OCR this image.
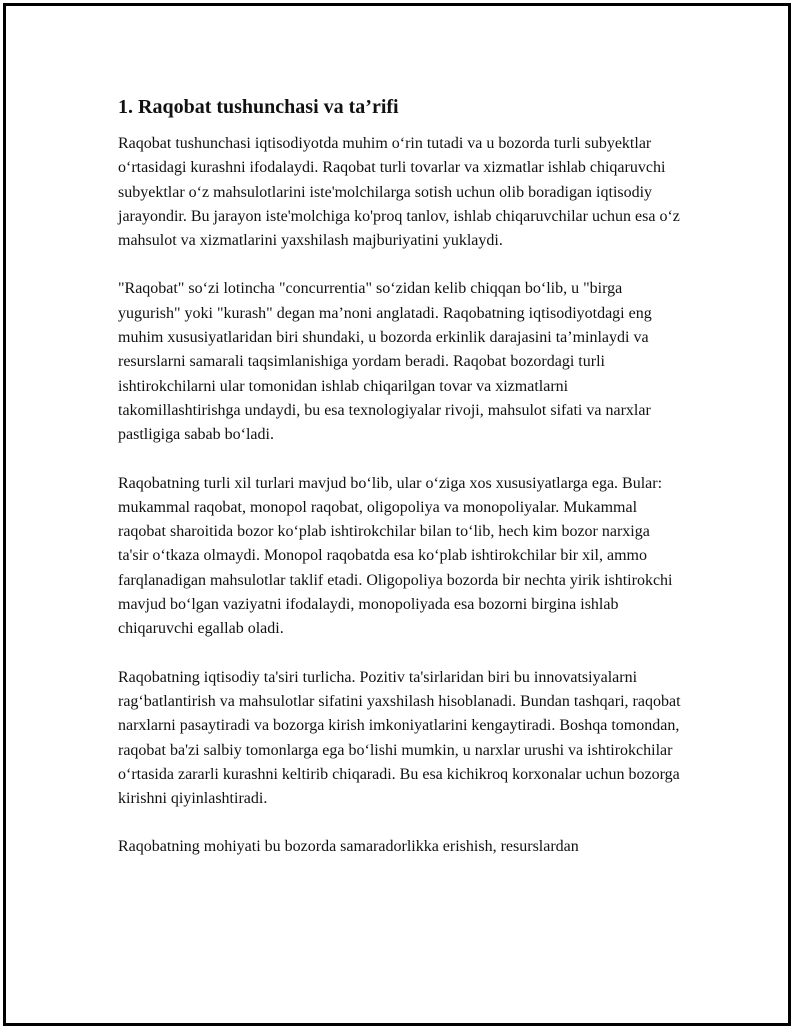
1. Raqobat tushunchasi va ta’rifi

Raqobat tushunchasi iqtisodiyotda muhim o‘rin tutadi va u bozorda turli subyektlar o‘rtasidagi kurashni ifodalaydi. Raqobat turli tovarlar va xizmatlar ishlab chiqaruvchi subyektlar o‘z mahsulotlarini iste'molchilarga sotish uchun olib boradigan iqtisodiy jarayondir. Bu jarayon iste'molchiga ko'proq tanlov, ishlab chiqaruvchilar uchun esa o‘z mahsulot va xizmatlarini yaxshilash majburiyatini yuklaydi.

"Raqobat" so‘zi lotincha "concurrentia" so‘zidan kelib chiqqan bo‘lib, u "birga yugurish" yoki "kurash" degan ma’noni anglatadi. Raqobatning iqtisodiyotdagi eng muhim xususiyatlaridan biri shundaki, u bozorda erkinlik darajasini ta’minlaydi va resurslarni samarali taqsimlanishiga yordam beradi. Raqobat bozordagi turli ishtirokchilarni ular tomonidan ishlab chiqarilgan tovar va xizmatlarni takomillashtirishga undaydi, bu esa texnologiyalar rivoji, mahsulot sifati va narxlar pastligiga sabab bo‘ladi.

Raqobatning turli xil turlari mavjud bo‘lib, ular o‘ziga xos xususiyatlarga ega. Bular: mukammal raqobat, monopol raqobat, oligopoliya va monopoliyalar. Mukammal raqobat sharoitida bozor ko‘plab ishtirokchilar bilan to‘lib, hech kim bozor narxiga ta'sir o‘tkaza olmaydi. Monopol raqobatda esa ko‘plab ishtirokchilar bir xil, ammo farqlanadigan mahsulotlar taklif etadi. Oligopoliya bozorda bir nechta yirik ishtirokchi mavjud bo‘lgan vaziyatni ifodalaydi, monopoliyada esa bozorni birgina ishlab chiqaruvchi egallab oladi.

Raqobatning iqtisodiy ta'siri turlicha. Pozitiv ta'sirlaridan biri bu innovatsiyalarni rag‘batlantirish va mahsulotlar sifatini yaxshilash hisoblanadi. Bundan tashqari, raqobat narxlarni pasaytiradi va bozorga kirish imkoniyatlarini kengaytiradi. Boshqa tomondan, raqobat ba'zi salbiy tomonlarga ega bo‘lishi mumkin, u narxlar urushi va ishtirokchilar o‘rtasida zararli kurashni keltirib chiqaradi. Bu esa kichikroq korxonalar uchun bozorga kirishni qiyinlashtiradi.

Raqobatning mohiyati bu bozorda samaradorlikka erishish, resurslardan
